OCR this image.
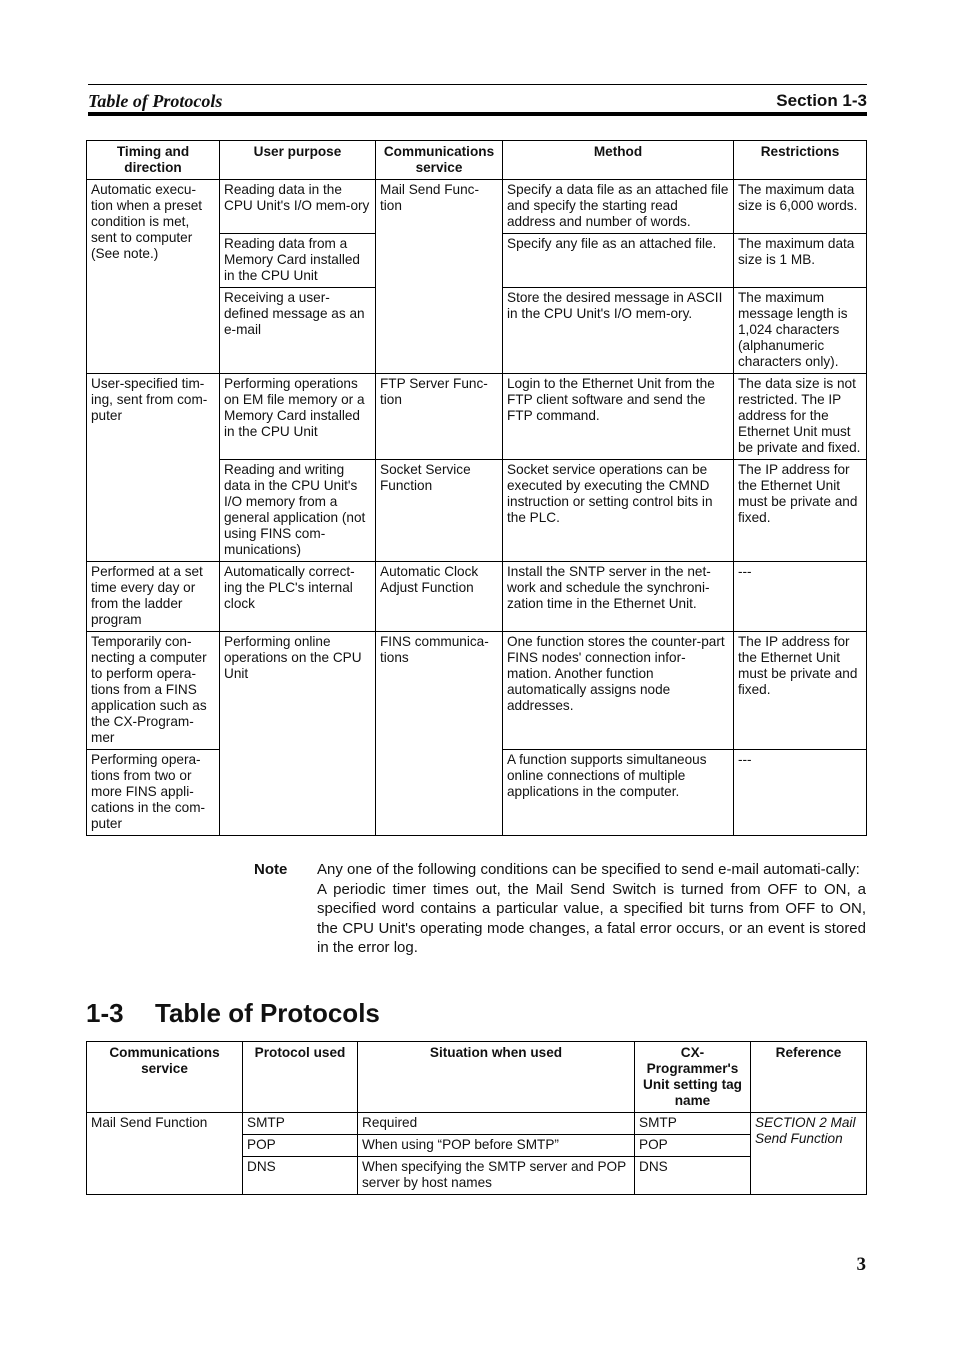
Table of Protocols	Section 1-3
Timing and direction	User purpose	Communications service	Method	Restrictions
Automatic execu-tion when a preset condition is met, sent to computer (See note.)	Reading data in the CPU Unit's I/O mem-ory	Mail Send Func-tion	Specify a data file as an attached file and specify the starting read address and number of words.	The maximum data size is 6,000 words.
	Reading data from a Memory Card installed in the CPU Unit		Specify any file as an attached file.	The maximum data size is 1 MB.
	Receiving a user-defined message as an e-mail		Store the desired message in ASCII in the CPU Unit's I/O mem-ory.	The maximum message length is 1,024 characters (alphanumeric characters only).
User-specified tim-ing, sent from com-puter	Performing operations on EM file memory or a Memory Card installed in the CPU Unit	FTP Server Func-tion	Login to the Ethernet Unit from the FTP client software and send the FTP command.	The data size is not restricted. The IP address for the Ethernet Unit must be private and fixed.
	Reading and writing data in the CPU Unit's I/O memory from a general application (not using FINS com-munications)	Socket Service Function	Socket service operations can be executed by executing the CMND instruction or setting control bits in the PLC.	The IP address for the Ethernet Unit must be private and fixed.
Performed at a set time every day or from the ladder program	Automatically correct-ing the PLC's internal clock	Automatic Clock Adjust Function	Install the SNTP server in the net-work and schedule the synchroni-zation time in the Ethernet Unit.	---
Temporarily con-necting a computer to perform opera-tions from a FINS application such as the CX-Program-mer	Performing online operations on the CPU Unit	FINS communica-tions	One function stores the counter-part FINS nodes' connection infor-mation. Another function automatically assigns node addresses.	The IP address for the Ethernet Unit must be private and fixed.
Performing opera-tions from two or more FINS appli-cations in the com-puter			A function supports simultaneous online connections of multiple applications in the computer.	---
Note Any one of the following conditions can be specified to send e-mail automati-cally:

A periodic timer times out, the Mail Send Switch is turned from OFF to ON, a specified word contains a particular value, a specified bit turns from OFF to ON, the CPU Unit's operating mode changes, a fatal error occurs, or an event is stored in the error log.

1-3 Table of Protocols
Communications service	Protocol used	Situation when used	CX-Programmer's Unit setting tag name	Reference
Mail Send Function	SMTP	Required	SMTP	SECTION 2 Mail Send Function
	POP	When using “POP before SMTP”	POP	
	DNS	When specifying the SMTP server and POP server by host names	DNS	
3
